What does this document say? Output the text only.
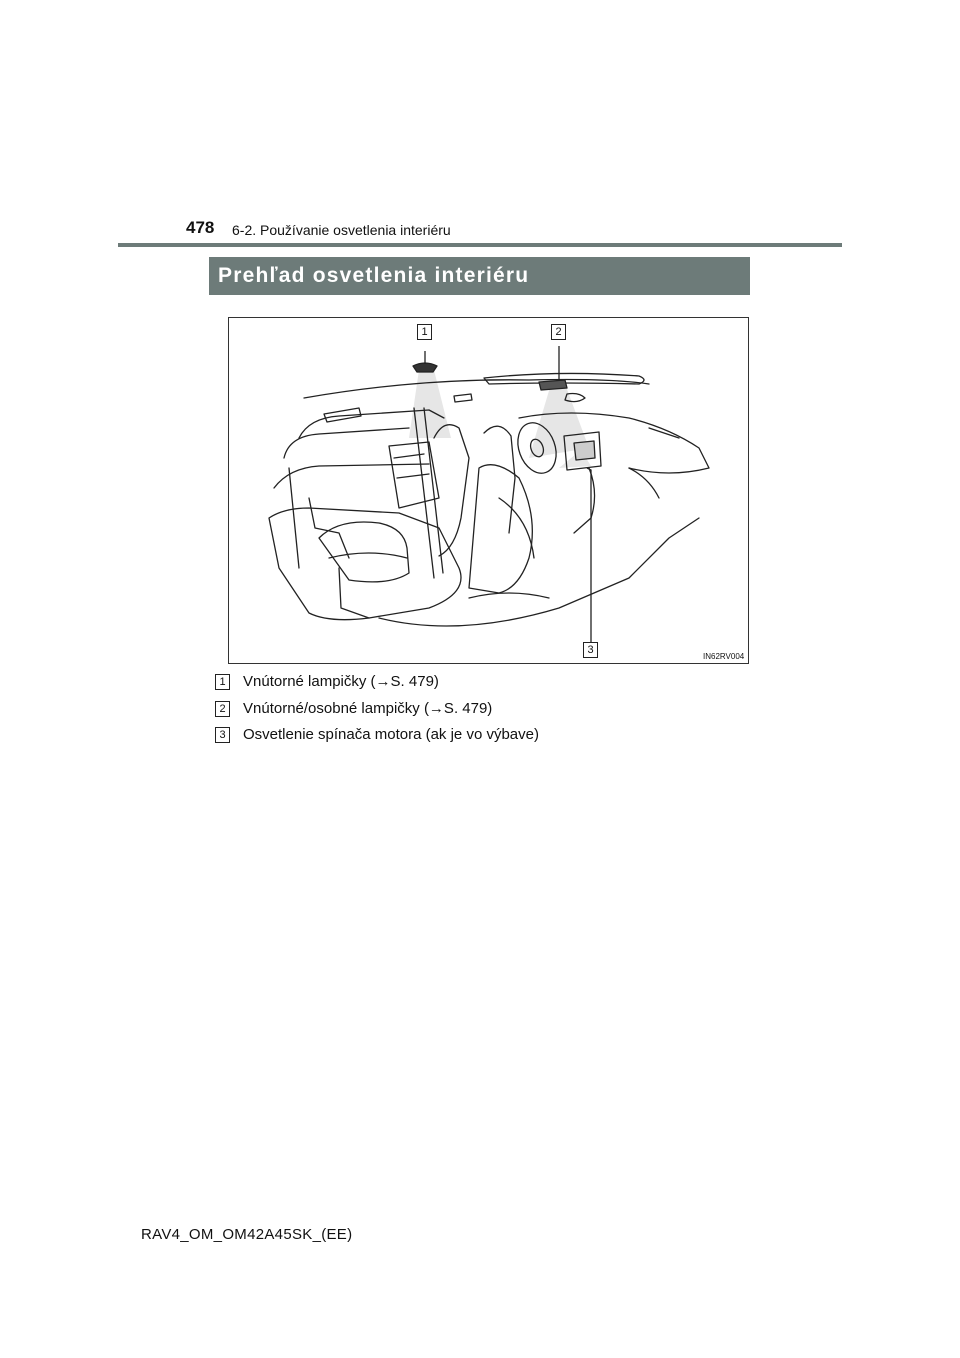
478 6-2. Používanie osvetlenia interiéru
Prehľad osvetlenia interiéru
1	2
3
IN62RV004
1 Vnútorné lampičky (→S. 479)
2 Vnútorné/osobné lampičky (→S. 479)
3 Osvetlenie spínača motora (ak je vo výbave)
RAV4_OM_OM42A45SK_(EE)
